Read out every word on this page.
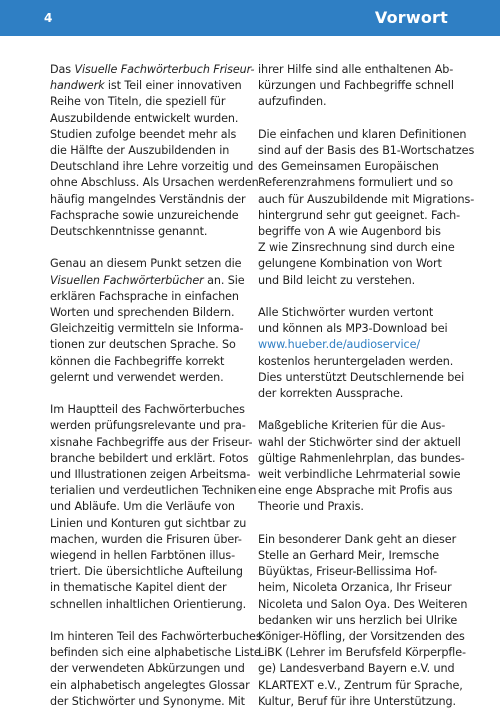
4	Vorwort

Das Visuelle Fachwörterbuch Friseur-
handwerk ist Teil einer innovativen
Reihe von Titeln, die speziell für
Auszubildende entwickelt wurden.
Studien zufolge beendet mehr als
die Hälfte der Auszubildenden in
Deutschland ihre Lehre vorzeitig und
ohne Abschluss. Als Ursachen werden
häufig mangelndes Verständnis der
Fachsprache sowie unzureichende
Deutschkenntnisse genannt.

Genau an diesem Punkt setzen die
Visuellen Fachwörterbücher an. Sie
erklären Fachsprache in einfachen
Worten und sprechenden Bildern.
Gleichzeitig vermitteln sie Informa-
tionen zur deutschen Sprache. So
können die Fachbegriffe korrekt
gelernt und verwendet werden.

Im Hauptteil des Fachwörterbuches
werden prüfungsrelevante und pra-
xisnahe Fachbegriffe aus der Friseur-
branche bebildert und erklärt. Fotos
und Illustrationen zeigen Arbeitsma-
terialien und verdeutlichen Techniken
und Abläufe. Um die Verläufe von
Linien und Konturen gut sichtbar zu
machen, wurden die Frisuren über-
wiegend in hellen Farbtönen illus-
triert. Die übersichtliche Aufteilung
in thematische Kapitel dient der
schnellen inhaltlichen Orientierung.

Im hinteren Teil des Fachwörterbuches
befinden sich eine alphabetische Liste
der verwendeten Abkürzungen und
ein alphabetisch angelegtes Glossar
der Stichwörter und Synonyme. Mit

ihrer Hilfe sind alle enthaltenen Ab-
kürzungen und Fachbegriffe schnell
aufzufinden.

Die einfachen und klaren Definitionen
sind auf der Basis des B1-Wortschatzes
des Gemeinsamen Europäischen
Referenzrahmens formuliert und so
auch für Auszubildende mit Migrations-
hintergrund sehr gut geeignet. Fach-
begriffe von A wie Augenbord bis
Z wie Zinsrechnung sind durch eine
gelungene Kombination von Wort
und Bild leicht zu verstehen.

Alle Stichwörter wurden vertont
und können als MP3-Download bei
www.hueber.de/audioservice/
kostenlos heruntergeladen werden.
Dies unterstützt Deutschlernende bei
der korrekten Aussprache.

Maßgebliche Kriterien für die Aus-
wahl der Stichwörter sind der aktuell
gültige Rahmenlehrplan, das bundes-
weit verbindliche Lehrmaterial sowie
eine enge Absprache mit Profis aus
Theorie und Praxis.

Ein besonderer Dank geht an dieser
Stelle an Gerhard Meir, Iremsche
Büyüktas, Friseur-Bellissima Hof-
heim, Nicoleta Orzanica, Ihr Friseur
Nicoleta und Salon Oya. Des Weiteren
bedanken wir uns herzlich bei Ulrike
Königer-Höfling, der Vorsitzenden des
LiBK (Lehrer im Berufsfeld Körperpfle-
ge) Landesverband Bayern e.V. und
KLARTEXT e.V., Zentrum für Sprache,
Kultur, Beruf für ihre Unterstützung.
